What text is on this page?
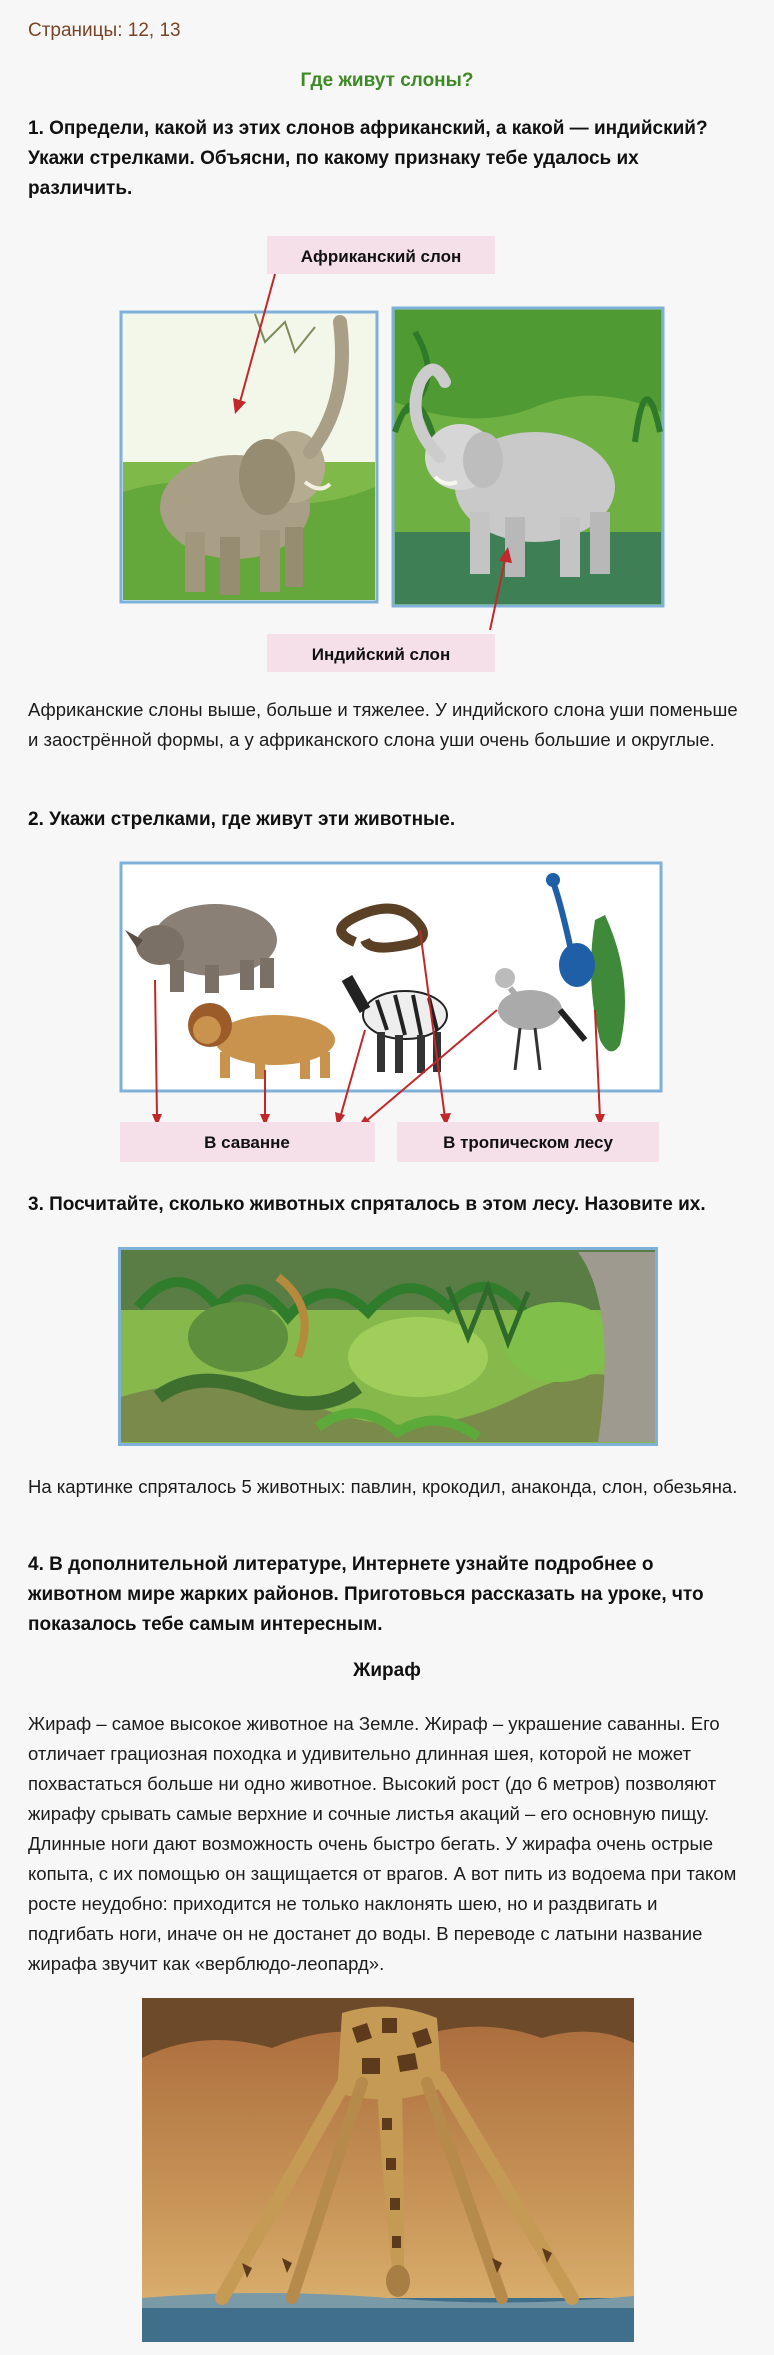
Страницы: 12, 13
Где живут слоны?
1. Определи, какой из этих слонов африканский, а какой — индийский? Укажи стрелками. Объясни, по какому признаку тебе удалось их различить.
Африканский слон
Индийский слон
Африканские слоны выше, больше и тяжелее. У индийского слона уши поменьше и заострённой формы, а у африканского слона уши очень большие и округлые.
2. Укажи стрелками, где живут эти животные.
В саванне	В тропическом лесу
3. Посчитайте, сколько животных спряталось в этом лесу. Назовите их.
На картинке спряталось 5 животных: павлин, крокодил, анаконда, слон, обезьяна.
4. В дополнительной литературе, Интернете узнайте подробнее о животном мире жарких районов. Приготовься рассказать на уроке, что показалось тебе самым интересным.
Жираф
Жираф – самое высокое животное на Земле. Жираф – украшение саванны. Его отличает грациозная походка и удивительно длинная шея, которой не может похвастаться больше ни одно животное. Высокий рост (до 6 метров) позволяют жирафу срывать самые верхние и сочные листья акаций – его основную пищу. Длинные ноги дают возможность очень быстро бегать. У жирафа очень острые копыта, с их помощью он защищается от врагов. А вот пить из водоема при таком росте неудобно: приходится не только наклонять шею, но и раздвигать и подгибать ноги, иначе он не достанет до воды. В переводе с латыни название жирафа звучит как «верблюдо-леопард».
